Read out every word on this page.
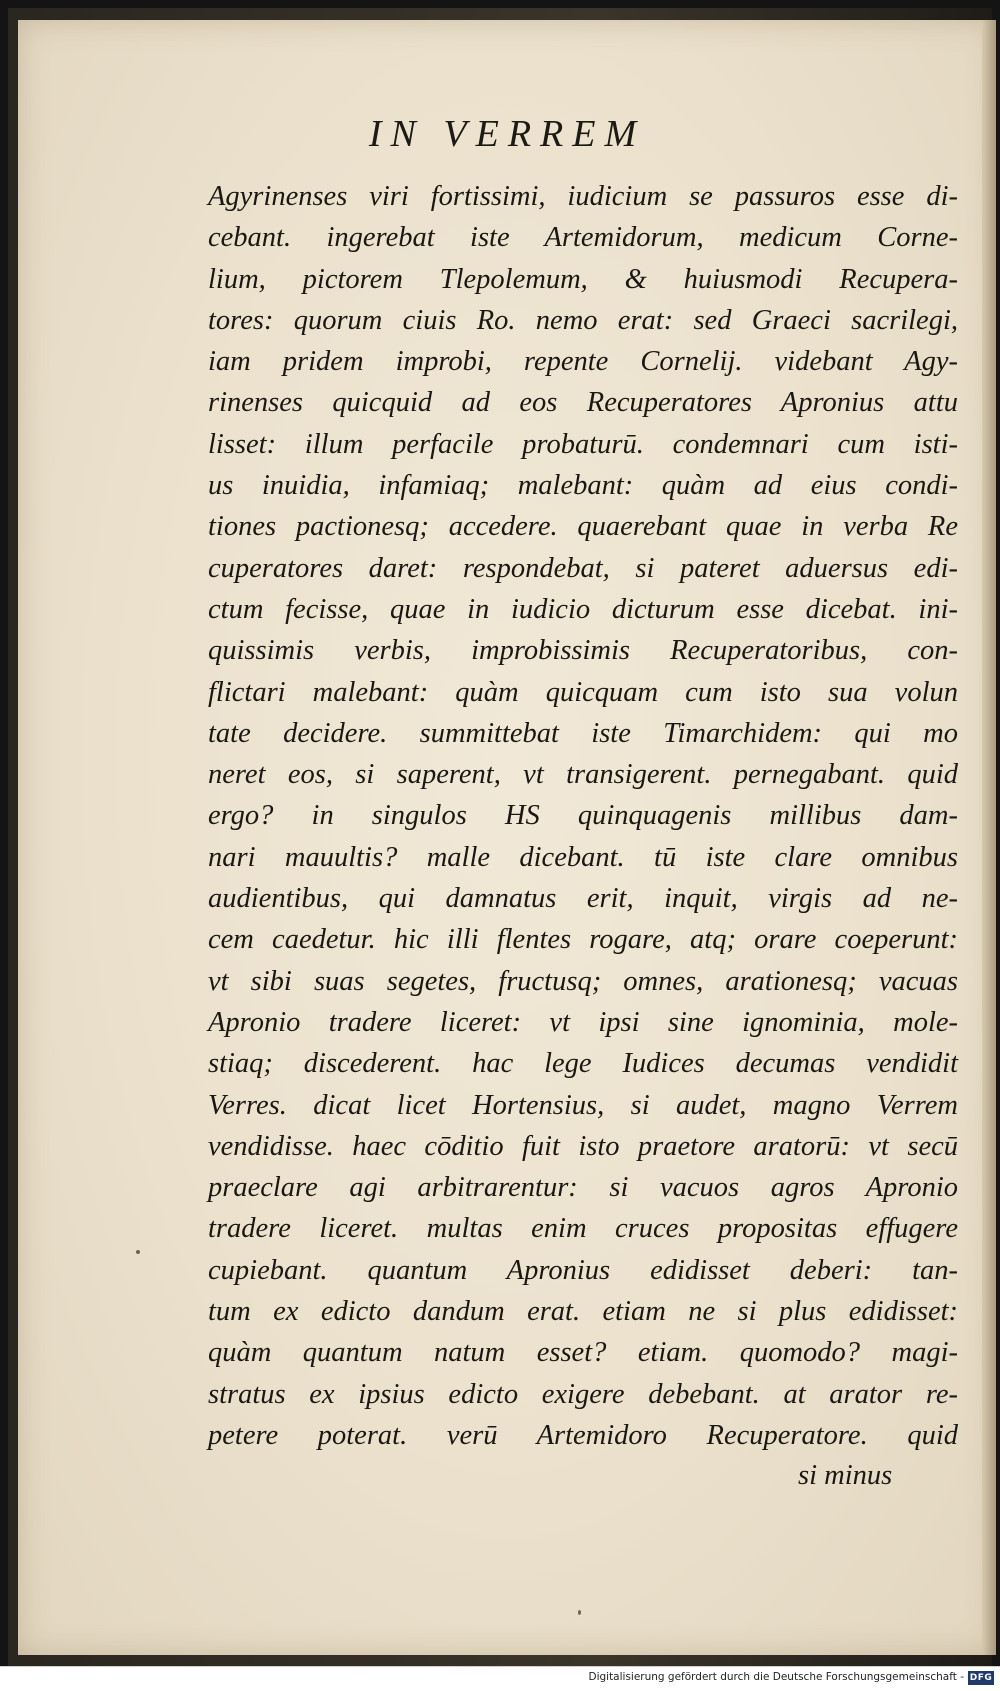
IN VERREM
Agyrinenses viri fortissimi, iudicium se passuros esse di-
cebant. ingerebat iste Artemidorum, medicum Corne-
lium, pictorem Tlepolemum, & huiusmodi Recupera-
tores: quorum ciuis Ro. nemo erat: sed Graeci sacrilegi,
iam pridem improbi, repente Cornelij. videbant Agy-
rinenses quicquid ad eos Recuperatores Apronius attu
lisset: illum perfacile probaturū. condemnari cum isti-
us inuidia, infamiaq; malebant: quàm ad eius condi-
tiones pactionesq; accedere. quaerebant quae in verba Re
cuperatores daret: respondebat, si pateret aduersus edi-
ctum fecisse, quae in iudicio dicturum esse dicebat. ini-
quissimis verbis, improbissimis Recuperatoribus, con-
flictari malebant: quàm quicquam cum isto sua volun
tate decidere. summittebat iste Timarchidem: qui mo
neret eos, si saperent, vt transigerent. pernegabant. quid
ergo? in singulos HS quinquagenis millibus dam-
nari mauultis? malle dicebant. tū iste clare omnibus
audientibus, qui damnatus erit, inquit, virgis ad ne-
cem caedetur. hic illi flentes rogare, atq; orare coeperunt:
vt sibi suas segetes, fructusq; omnes, arationesq; vacuas
Apronio tradere liceret: vt ipsi sine ignominia, mole-
stiaq; discederent. hac lege Iudices decumas vendidit
Verres. dicat licet Hortensius, si audet, magno Verrem
vendidisse. haec cōditio fuit isto praetore aratorū: vt secū
praeclare agi arbitrarentur: si vacuos agros Apronio
tradere liceret. multas enim cruces propositas effugere
cupiebant. quantum Apronius edidisset deberi: tan-
tum ex edicto dandum erat. etiam ne si plus edidisset:
quàm quantum natum esset? etiam. quomodo? magi-
stratus ex ipsius edicto exigere debebant. at arator re-
petere poterat. verū Artemidoro Recuperatore. quid
si minus
Digitalisierung gefördert durch die Deutsche Forschungsgemeinschaft - DFG
